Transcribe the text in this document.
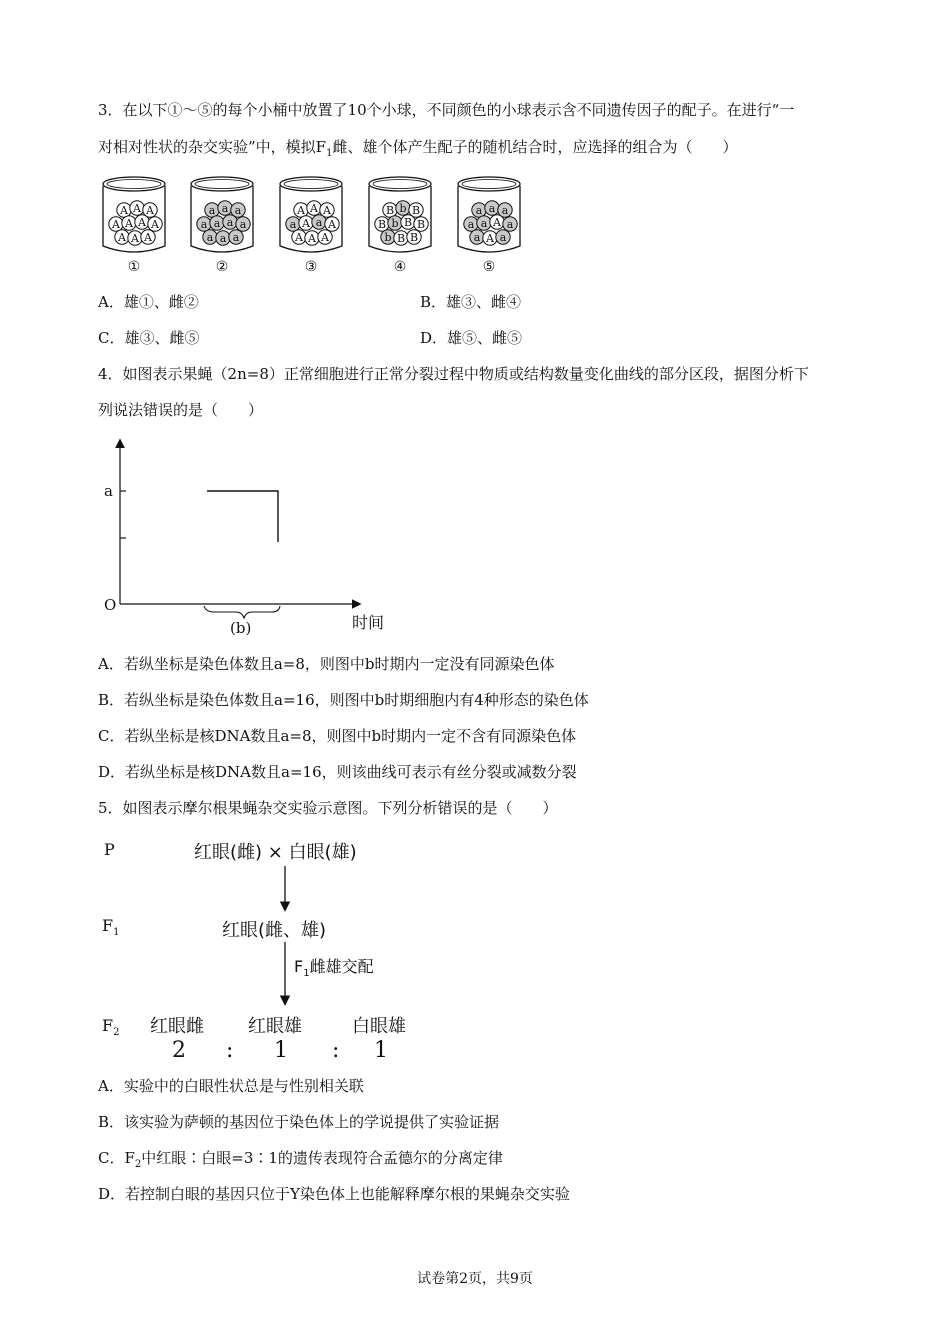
3．在以下①～⑤的每个小桶中放置了10个小球，不同颜色的小球表示含不同遗传因子的配子。在进行“一
对相对性状的杂交实验”中，模拟$F_1$雌、雄个体产生配子的随机结合时，应选择的组合为（　　）
A A A
A A A A
A A A
①
a a a
a a a a
a a a
②
A A A
a A a A
A A A
③
B b B
B b B B
b B B
④
a a a
a a A a
a A a
⑤
A．雄①、雌②	B．雄③、雌④
C．雄③、雌⑤	D．雄⑤、雌⑤
4．如图表示果蝇（2n=8）正常细胞进行正常分裂过程中物质或结构数量变化曲线的部分区段，据图分析下
列说法错误的是（　　）
a
O
时间
(b)
A．若纵坐标是染色体数且a=8，则图中b时期内一定没有同源染色体
B．若纵坐标是染色体数且a=16，则图中b时期细胞内有4种形态的染色体
C．若纵坐标是核DNA数且a=8，则图中b时期内一定不含有同源染色体
D．若纵坐标是核DNA数且a=16，则该曲线可表示有丝分裂或减数分裂
5．如图表示摩尔根果蝇杂交实验示意图。下列分析错误的是（　　）
P	红眼(雌) × 白眼(雄)
$F_1$	红眼(雌、雄)
$F_1$雌雄交配
$F_2$ 红眼雌 红眼雄	白眼雄
2 : 1 : 1
A．实验中的白眼性状总是与性别相关联
B．该实验为萨顿的基因位于染色体上的学说提供了实验证据
C．$F_2$中红眼∶白眼=3∶1的遗传表现符合孟德尔的分离定律
D．若控制白眼的基因只位于Y染色体上也能解释摩尔根的果蝇杂交实验
试卷第2页，共9页
